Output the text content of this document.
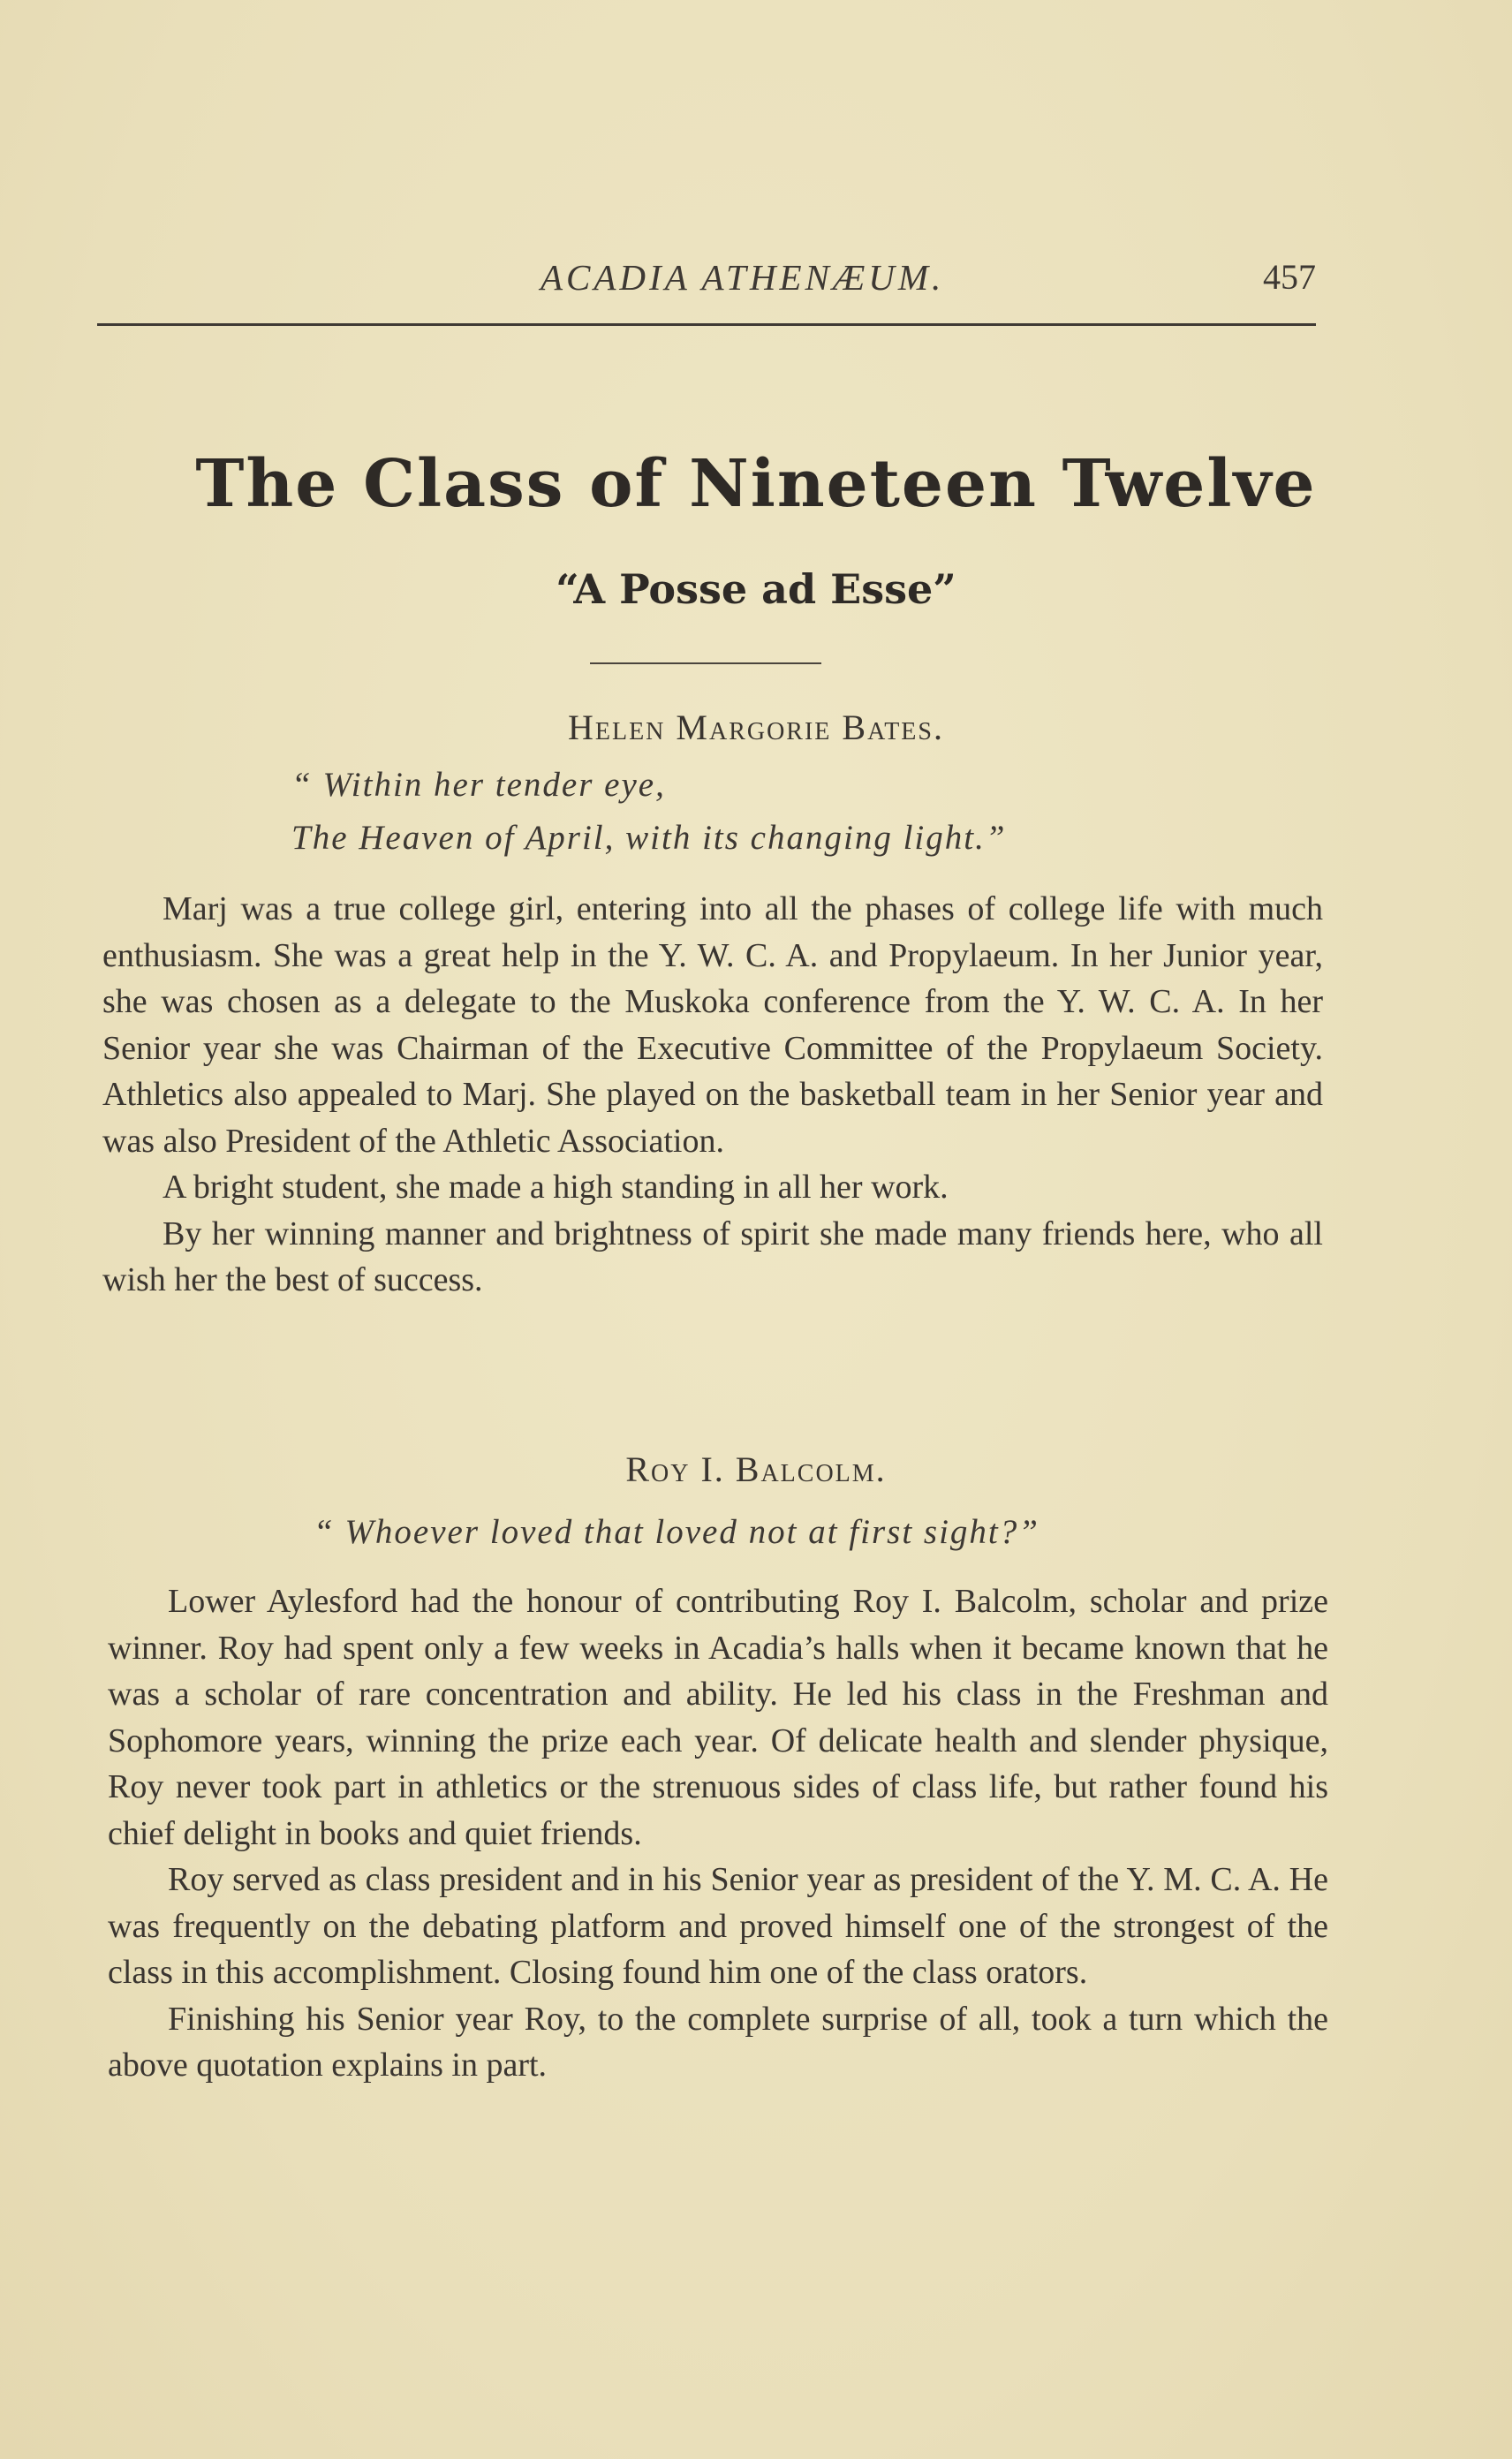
ACADIA ATHENÆUM.	457
The Class of Nineteen Twelve
“A Posse ad Esse”
Helen Margorie Bates.
“ Within her tender eye,
The Heaven of April, with its changing light.”

Marj was a true college girl, entering into all the phases of college life with much enthusiasm. She was a great help in the Y. W. C. A. and Propylaeum. In her Junior year, she was chosen as a delegate to the Muskoka conference from the Y. W. C. A. In her Senior year she was Chairman of the Executive Committee of the Propylaeum Society. Athletics also appealed to Marj. She played on the basketball team in her Senior year and was also President of the Athletic Association.

A bright student, she made a high standing in all her work.

By her winning manner and brightness of spirit she made many friends here, who all wish her the best of success.

Roy I. Balcolm.
“ Whoever loved that loved not at first sight?”

Lower Aylesford had the honour of contributing Roy I. Balcolm, scholar and prize winner. Roy had spent only a few weeks in Acadia’s halls when it became known that he was a scholar of rare concentration and ability. He led his class in the Freshman and Sophomore years, winning the prize each year. Of delicate health and slender physique, Roy never took part in athletics or the strenuous sides of class life, but rather found his chief delight in books and quiet friends.

Roy served as class president and in his Senior year as president of the Y. M. C. A. He was frequently on the debating platform and proved himself one of the strongest of the class in this accomplishment. Closing found him one of the class orators.

Finishing his Senior year Roy, to the complete surprise of all, took a turn which the above quotation explains in part.
